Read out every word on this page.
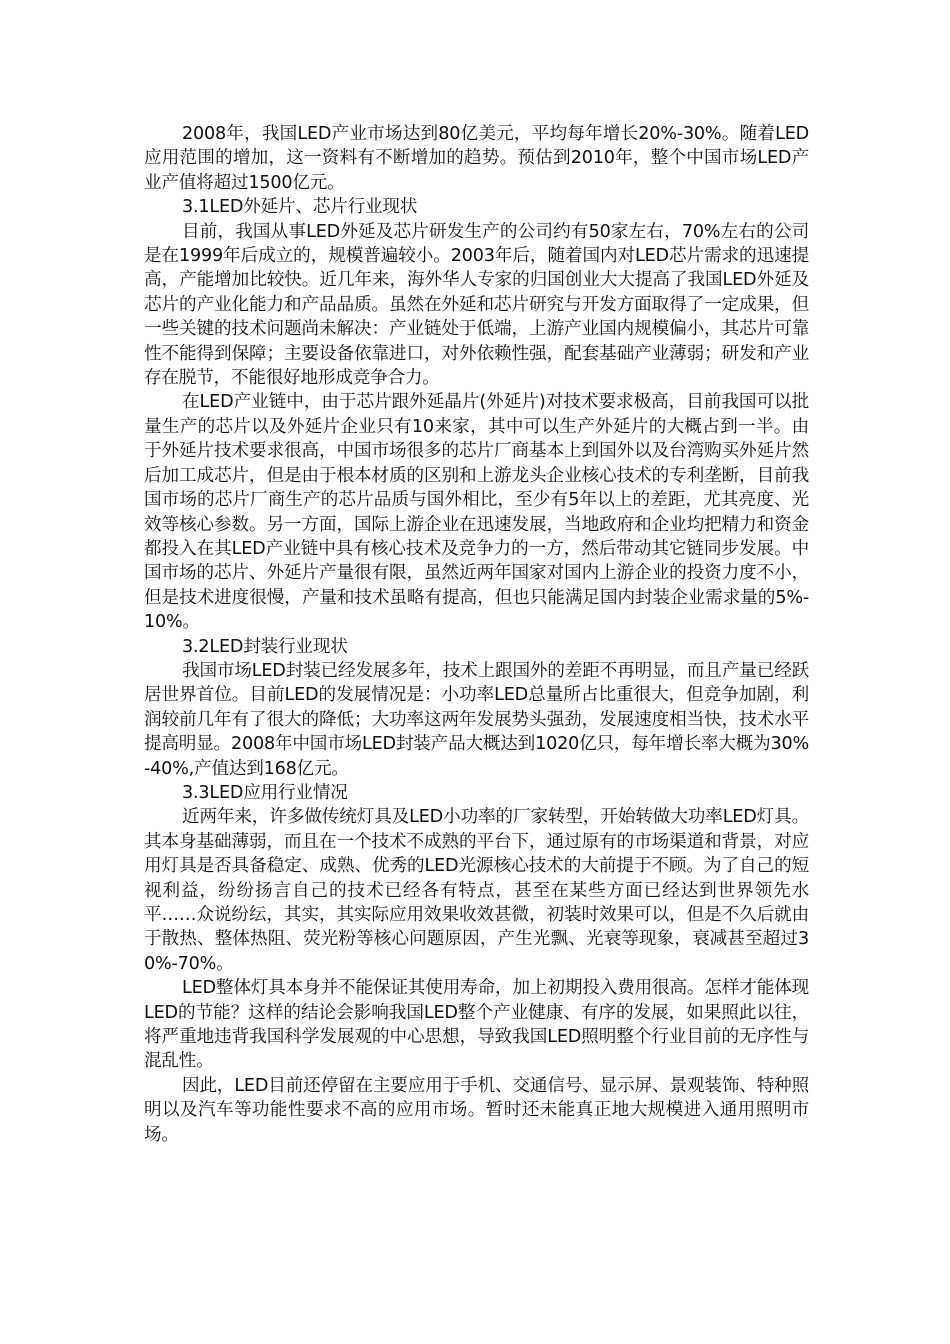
2008年，我国LED产业市场达到80亿美元，平均每年增长20%-30%。随着LED应用范围的增加，这一资料有不断增加的趋势。预估到2010年，整个中国市场LED产业产值将超过1500亿元。

3.1LED外延片、芯片行业现状

目前，我国从事LED外延及芯片研发生产的公司约有50家左右，70%左右的公司是在1999年后成立的，规模普遍较小。2003年后，随着国内对LED芯片需求的迅速提高，产能增加比较快。近几年来，海外华人专家的归国创业大大提高了我国LED外延及芯片的产业化能力和产品品质。虽然在外延和芯片研究与开发方面取得了一定成果，但一些关键的技术问题尚未解决：产业链处于低端，上游产业国内规模偏小，其芯片可靠性不能得到保障；主要设备依靠进口，对外依赖性强，配套基础产业薄弱；研发和产业存在脱节，不能很好地形成竞争合力。

在LED产业链中，由于芯片跟外延晶片(外延片)对技术要求极高，目前我国可以批量生产的芯片以及外延片企业只有10来家，其中可以生产外延片的大概占到一半。由于外延片技术要求很高，中国市场很多的芯片厂商基本上到国外以及台湾购买外延片然后加工成芯片，但是由于根本材质的区别和上游龙头企业核心技术的专利垄断，目前我国市场的芯片厂商生产的芯片品质与国外相比，至少有5年以上的差距，尤其亮度、光效等核心参数。另一方面，国际上游企业在迅速发展，当地政府和企业均把精力和资金都投入在其LED产业链中具有核心技术及竞争力的一方，然后带动其它链同步发展。中国市场的芯片、外延片产量很有限，虽然近两年国家对国内上游企业的投资力度不小，但是技术进度很慢，产量和技术虽略有提高，但也只能满足国内封装企业需求量的5%-10%。

3.2LED封装行业现状

我国市场LED封装已经发展多年，技术上跟国外的差距不再明显，而且产量已经跃居世界首位。目前LED的发展情况是：小功率LED总量所占比重很大，但竞争加剧，利润较前几年有了很大的降低；大功率这两年发展势头强劲，发展速度相当快，技术水平提高明显。2008年中国市场LED封装产品大概达到1020亿只，每年增长率大概为30%-40%,产值达到168亿元。

3.3LED应用行业情况

近两年来，许多做传统灯具及LED小功率的厂家转型，开始转做大功率LED灯具。其本身基础薄弱，而且在一个技术不成熟的平台下，通过原有的市场渠道和背景，对应用灯具是否具备稳定、成熟、优秀的LED光源核心技术的大前提于不顾。为了自己的短视利益，纷纷扬言自己的技术已经各有特点，甚至在某些方面已经达到世界领先水平……众说纷纭，其实，其实际应用效果收效甚微，初装时效果可以，但是不久后就由于散热、整体热阻、荧光粉等核心问题原因，产生光飘、光衰等现象，衰减甚至超过30%-70%。

LED整体灯具本身并不能保证其使用寿命，加上初期投入费用很高。怎样才能体现LED的节能？这样的结论会影响我国LED整个产业健康、有序的发展，如果照此以往，将严重地违背我国科学发展观的中心思想，导致我国LED照明整个行业目前的无序性与混乱性。

因此，LED目前还停留在主要应用于手机、交通信号、显示屏、景观装饰、特种照明以及汽车等功能性要求不高的应用市场。暂时还未能真正地大规模进入通用照明市场。
